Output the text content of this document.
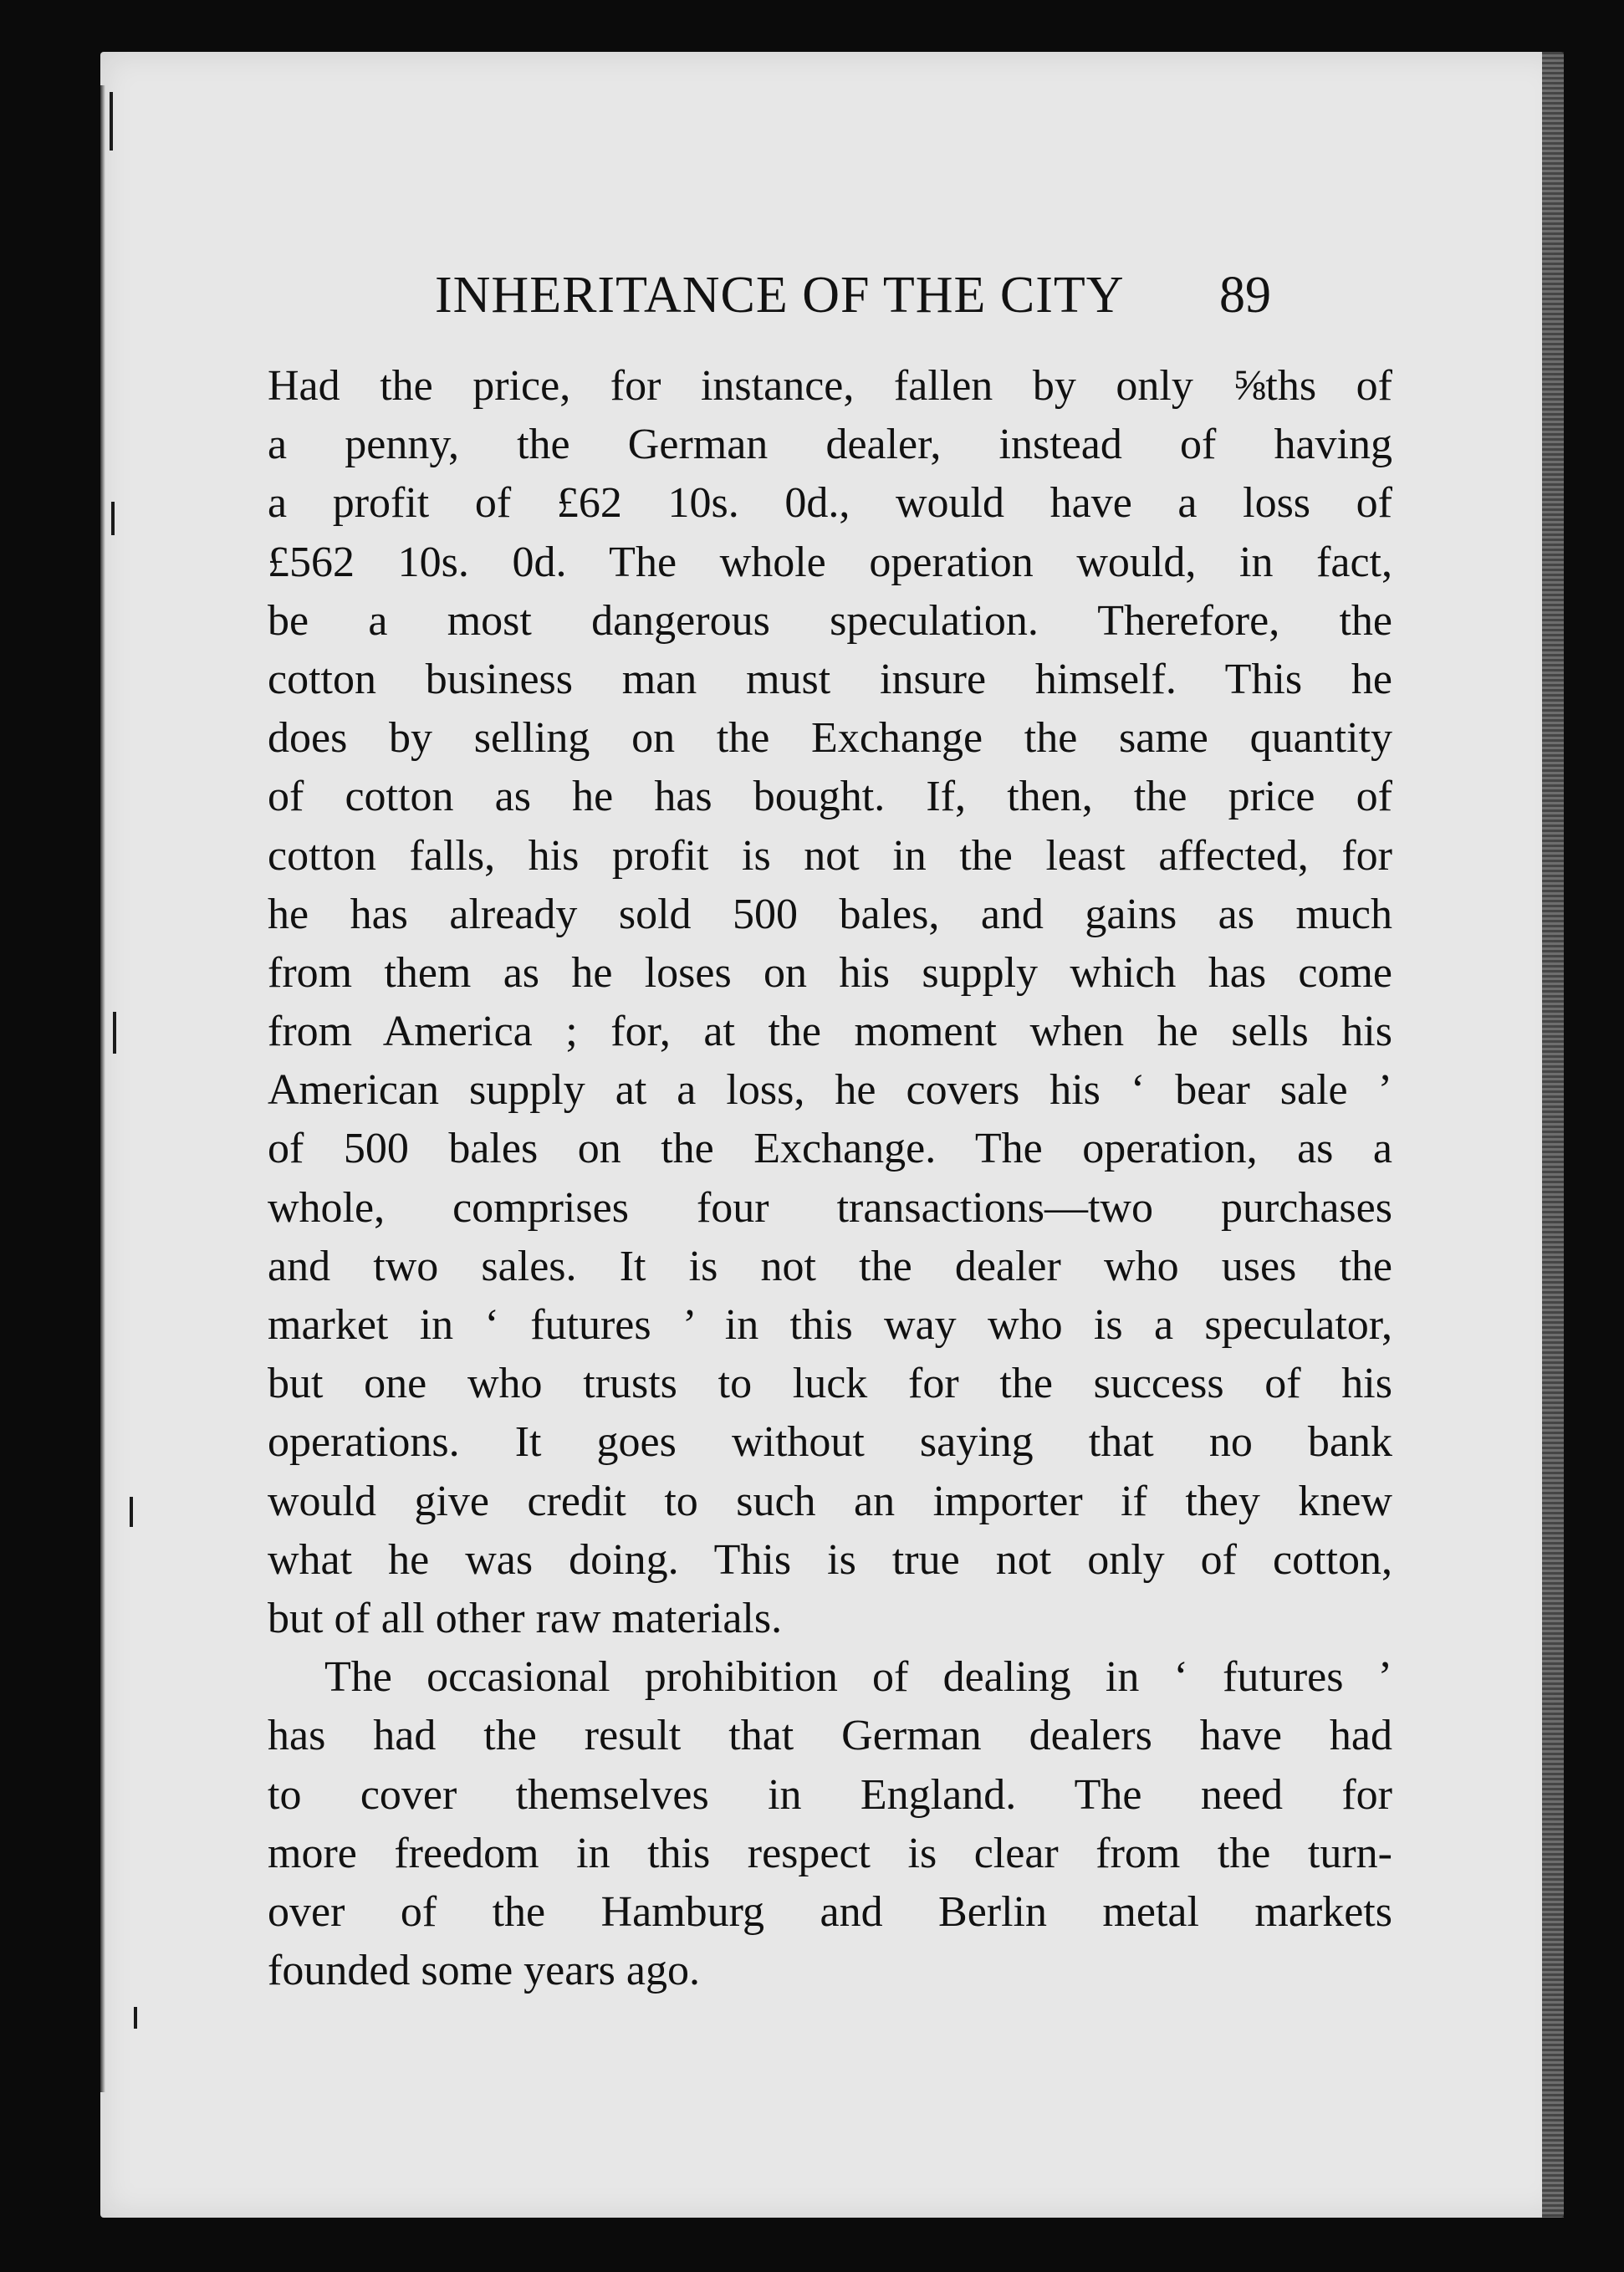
INHERITANCE OF THE CITY	89
Had the price, for instance, fallen by only ⅝ths of
a penny, the German dealer, instead of having
a profit of £62 10s. 0d., would have a loss of
£562 10s. 0d. The whole operation would, in fact,
be a most dangerous speculation. Therefore, the
cotton business man must insure himself. This he
does by selling on the Exchange the same quantity
of cotton as he has bought. If, then, the price of
cotton falls, his profit is not in the least affected, for
he has already sold 500 bales, and gains as much
from them as he loses on his supply which has come
from America ; for, at the moment when he sells his
American supply at a loss, he covers his ‘ bear sale ’
of 500 bales on the Exchange. The operation, as a
whole, comprises four transactions—two purchases
and two sales. It is not the dealer who uses the
market in ‘ futures ’ in this way who is a speculator,
but one who trusts to luck for the success of his
operations. It goes without saying that no bank
would give credit to such an importer if they knew
what he was doing. This is true not only of cotton,
but of all other raw materials.
The occasional prohibition of dealing in ‘ futures ’
has had the result that German dealers have had
to cover themselves in England. The need for
more freedom in this respect is clear from the turn-
over of the Hamburg and Berlin metal markets
founded some years ago.
